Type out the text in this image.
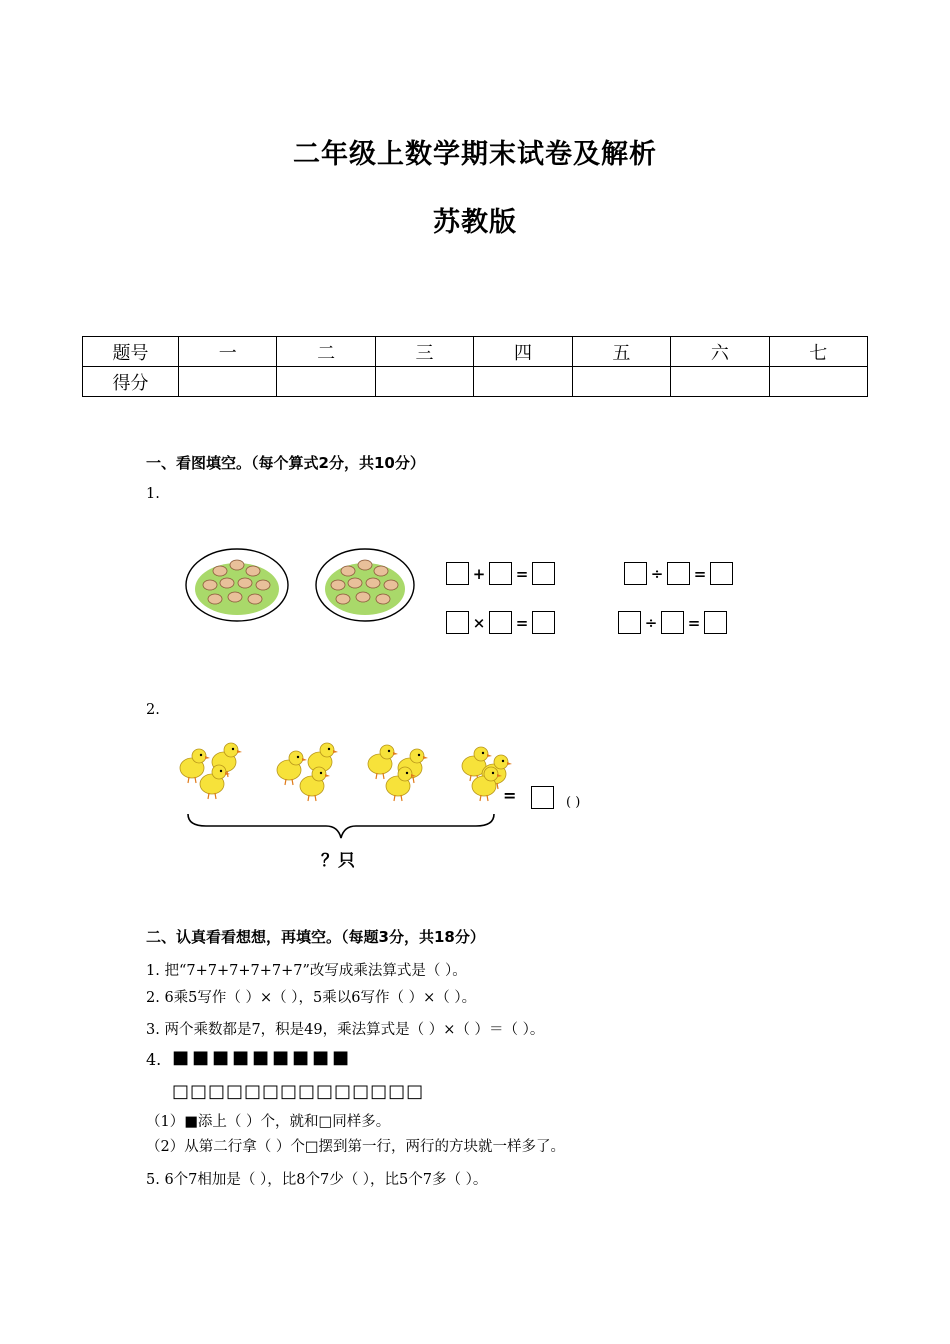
二年级上数学期末试卷及解析
苏教版
题号	一	二	三	四	五	六	七
得分							
一、看图填空。（每个算式2分，共10分）
1.
+ =	÷ =
× =	÷ =
2.
=	( )
？只
二、认真看看想想，再填空。（每题3分，共18分）
1. 把“7+7+7+7+7+7”改写成乘法算式是（ ）。
2. 6乘5写作（ ）×（ ），5乘以6写作（ ）×（ ）。
3. 两个乘数都是7，积是49，乘法算式是（ ）×（ ）＝（ ）。
4. ■■■■■■■■■
□□□□□□□□□□□□□□
（1）■添上（ ）个，就和□同样多。
（2）从第二行拿（ ）个□摆到第一行，两行的方块就一样多了。
5. 6个7相加是（ ），比8个7少（ ），比5个7多（ ）。
